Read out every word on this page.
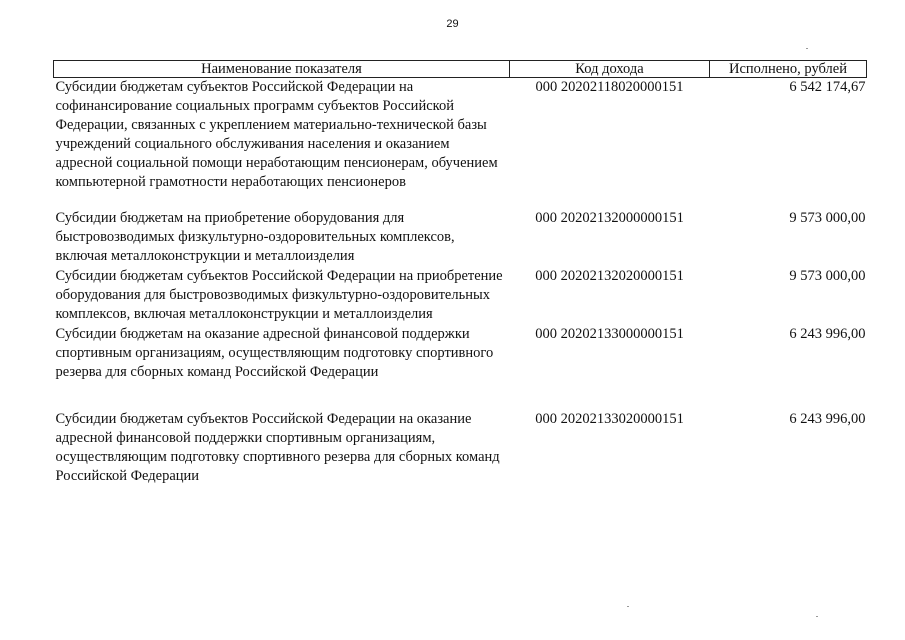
29
Наименование показателя	Код дохода	Исполнено, рублей
Субсидии бюджетам субъектов Российской Федерации на софинансирование социальных программ субъектов Российской Федерации, связанных с укреплением материально-технической базы учреждений социального обслуживания населения и оказанием адресной социальной помощи неработающим пенсионерам, обучением компьютерной грамотности неработающих пенсионеров	000 20202118020000151	6 542 174,67

Субсидии бюджетам на приобретение оборудования для быстровозводимых физкультурно-оздоровительных комплексов, включая металлоконструкции и металлоизделия	000 20202132000000151	9 573 000,00

Субсидии бюджетам субъектов Российской Федерации на приобретение оборудования для быстровозводимых физкультурно-оздоровительных комплексов, включая металлоконструкции и металлоизделия	000 20202132020000151	9 573 000,00

Субсидии бюджетам на оказание адресной финансовой поддержки спортивным организациям, осуществляющим подготовку спортивного резерва для сборных команд Российской Федерации	000 20202133000000151	6 243 996,00

Субсидии бюджетам субъектов Российской Федерации на оказание адресной финансовой поддержки спортивным организациям, осуществляющим подготовку спортивного резерва для сборных команд Российской Федерации	000 20202133020000151	6 243 996,00
